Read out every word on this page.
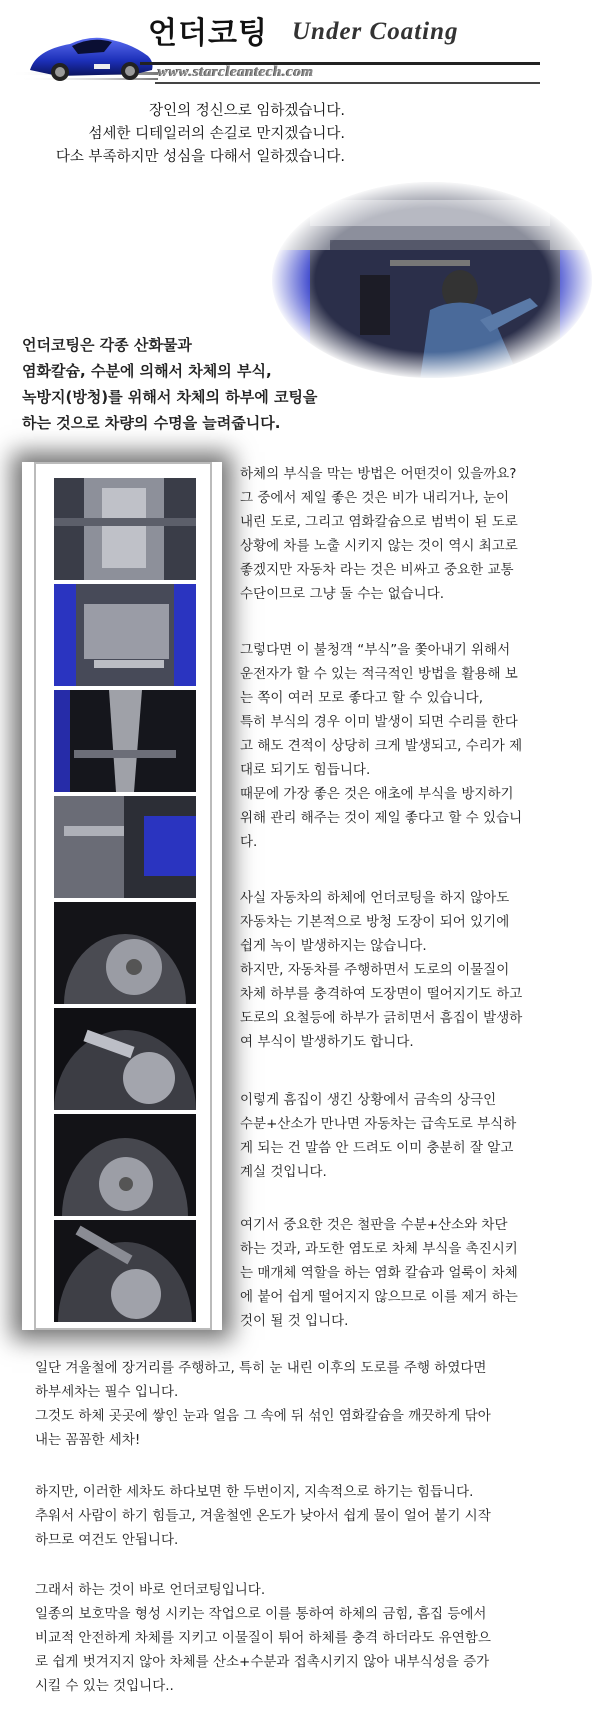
언더코팅 Under Coating
www.starcleantech.com
장인의 정신으로 임하겠습니다.
섬세한 디테일러의 손길로 만지겠습니다.
다소 부족하지만 성심을 다해서 일하겠습니다.
언더코팅은 각종 산화물과
염화칼슘, 수분에 의해서 차체의 부식,
녹방지(방청)를 위해서 차체의 하부에 코팅을
하는 것으로 차량의 수명을 늘려줍니다.

하체의 부식을 막는 방법은 어떤것이 있을까요?

그 중에서 제일 좋은 것은 비가 내리거나, 눈이

내린 도로, 그리고 염화칼슘으로 범벅이 된 도로

상황에 차를 노출 시키지 않는 것이 역시 최고로

좋겠지만 자동차 라는 것은 비싸고 중요한 교통

수단이므로 그냥 둘 수는 없습니다.

그렇다면 이 불청객 “부식”을 쫓아내기 위해서

운전자가 할 수 있는 적극적인 방법을 활용해 보

는 쪽이 여러 모로 좋다고 할 수 있습니다,

특히 부식의 경우 이미 발생이 되면 수리를 한다

고 해도 견적이 상당히 크게 발생되고, 수리가 제

대로 되기도 힘듭니다.

때문에 가장 좋은 것은 애초에 부식을 방지하기

위해 관리 해주는 것이 제일 좋다고 할 수 있습니

다.

사실 자동차의 하체에 언더코팅을 하지 않아도

자동차는 기본적으로 방청 도장이 되어 있기에

쉽게 녹이 발생하지는 않습니다.

하지만, 자동차를 주행하면서 도로의 이물질이

차체 하부를 충격하여 도장면이 떨어지기도 하고

도로의 요철등에 하부가 긁히면서 흠집이 발생하

여 부식이 발생하기도 합니다.

이렇게 흠집이 생긴 상황에서 금속의 상극인

수분+산소가 만나면 자동차는 급속도로 부식하

게 되는 건 말씀 안 드려도 이미 충분히 잘 알고

계실 것입니다.

여기서 중요한 것은 철판을 수분+산소와 차단

하는 것과, 과도한 염도로 차체 부식을 촉진시키

는 매개체 역할을 하는 염화 칼슘과 얼룩이 차체

에 붙어 쉽게 떨어지지 않으므로 이를 제거 하는

것이 될 것 입니다.

일단 겨울철에 장거리를 주행하고, 특히 눈 내린 이후의 도로를 주행 하였다면

하부세차는 필수 입니다.

그것도 하체 곳곳에 쌓인 눈과 얼음 그 속에 뒤 섞인 염화칼슘을 깨끗하게 닦아

내는 꼼꼼한 세차!

하지만, 이러한 세차도 하다보면 한 두번이지, 지속적으로 하기는 힘듭니다.

추워서 사람이 하기 힘들고, 겨울철엔 온도가 낮아서 쉽게 물이 얼어 붙기 시작

하므로 여건도 안됩니다.

그래서 하는 것이 바로 언더코팅입니다.

일종의 보호막을 형성 시키는 작업으로 이를 통하여 하체의 금힘, 흠집 등에서

비교적 안전하게 차체를 지키고 이물질이 튀어 하체를 충격 하더라도 유연함으

로 쉽게 벗겨지지 않아 차체를 산소+수분과 접촉시키지 않아 내부식성을 증가

시킬 수 있는 것입니다..
